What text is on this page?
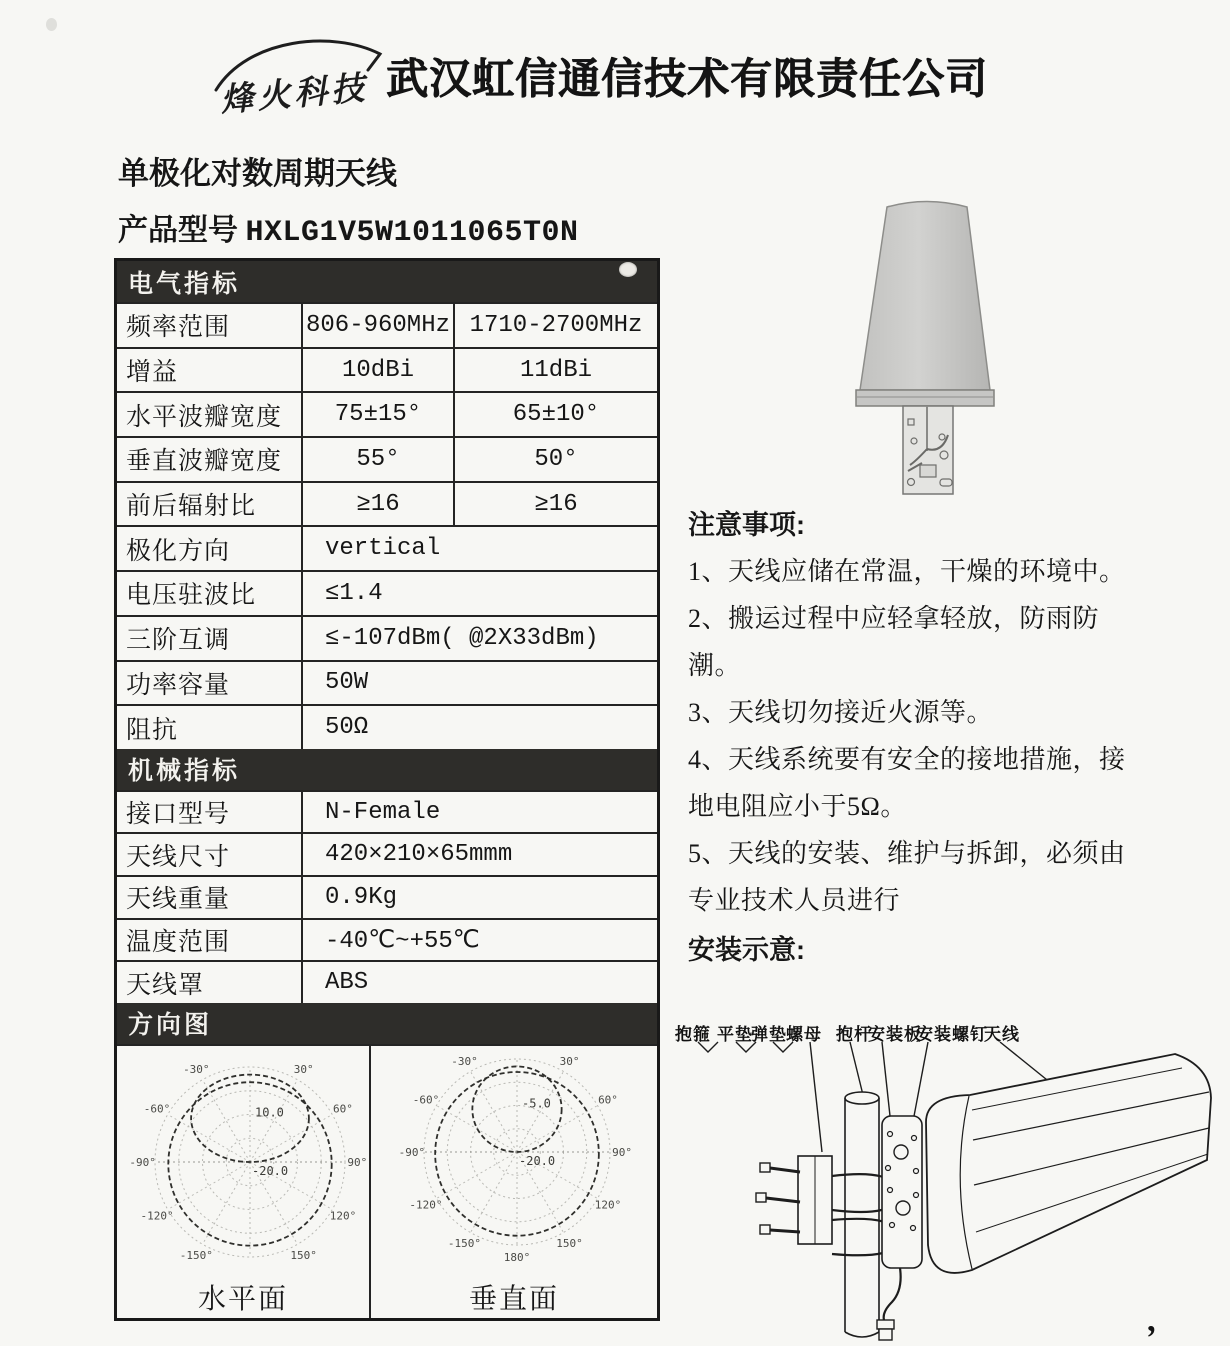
烽火科技 武汉虹信通信技术有限责任公司
单极化对数周期天线
产品型号 HXLG1V5W1011065T0N
电气指标
频率范围	806-960MHz 1710-2700MHz
增益	10dBi	11dBi
水平波瓣宽度	75±15°	65±10°
垂直波瓣宽度	55°	50°
前后辐射比	≥16	≥16
极化方向	vertical
电压驻波比	≤1.4
三阶互调	≤-107dBm( @2X33dBm)
功率容量	50W
阻抗	50Ω
机械指标
接口型号	N-Female
天线尺寸	420×210×65mmm
天线重量	0.9Kg
温度范围	-40℃~+55℃
天线罩	ABS
方向图
-150°
-120°
-90°
-60°
-30°	30°
60°
90°
120°
150°
10.0
-20.0
水平面
-150°
-120°
-90°
-60°
-30°	30°
60°
90°
120°
150°
180°
-5.0
-20.0
垂直面
注意事项:
1、天线应储在常温，干燥的环境中。
2、搬运过程中应轻拿轻放，防雨防潮。
3、天线切勿接近火源等。
4、天线系统要有安全的接地措施，接地电阻应小于5Ω。
5、天线的安装、维护与拆卸，必须由专业技术人员进行
安装示意:
抱箍 平垫
弹垫 螺母 抱杆
安装板
安装螺钉
天线
,
